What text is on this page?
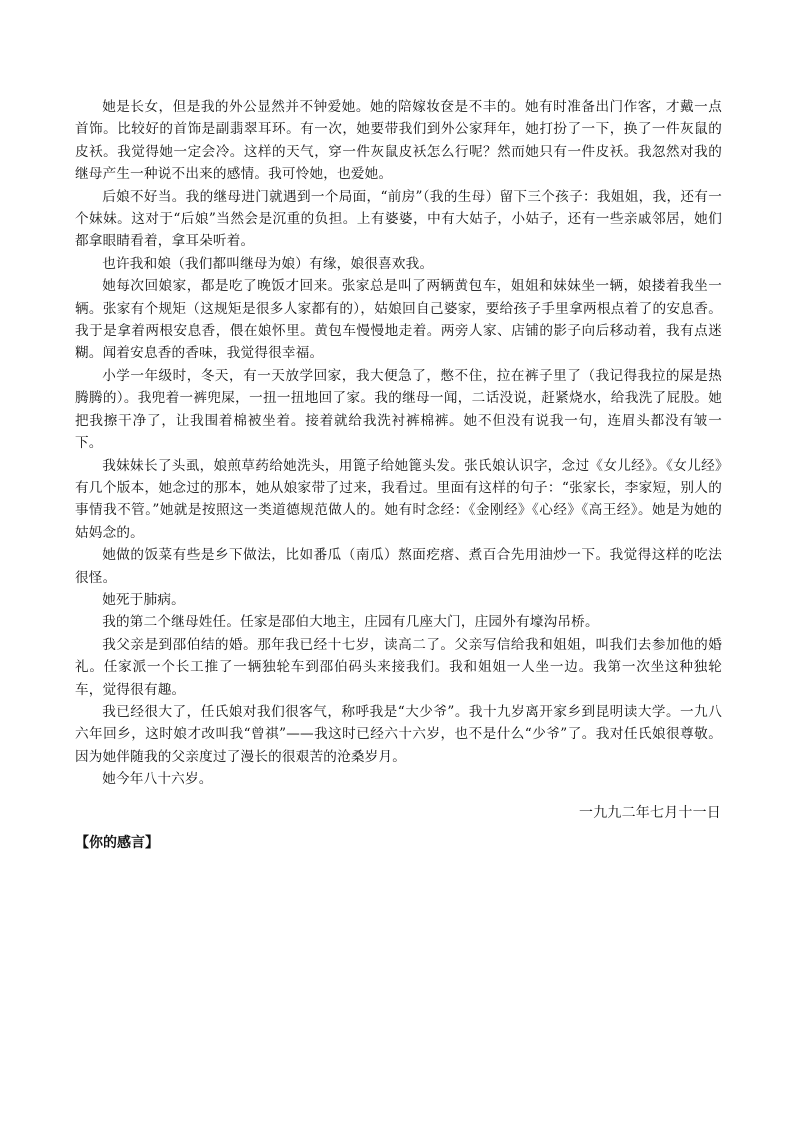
她是长女，但是我的外公显然并不钟爱她。她的陪嫁妆奁是不丰的。她有时准备出门作客，才戴一点首饰。比较好的首饰是副翡翠耳环。有一次，她要带我们到外公家拜年，她打扮了一下，换了一件灰鼠的皮袄。我觉得她一定会冷。这样的天气，穿一件灰鼠皮袄怎么行呢？然而她只有一件皮袄。我忽然对我的继母产生一种说不出来的感情。我可怜她，也爱她。

后娘不好当。我的继母进门就遇到一个局面，“前房”（我的生母）留下三个孩子：我姐姐，我，还有一个妹妹。这对于“后娘”当然会是沉重的负担。上有婆婆，中有大姑子，小姑子，还有一些亲戚邻居，她们都拿眼睛看着，拿耳朵听着。

也许我和娘（我们都叫继母为娘）有缘，娘很喜欢我。

她每次回娘家，都是吃了晚饭才回来。张家总是叫了两辆黄包车，姐姐和妹妹坐一辆，娘搂着我坐一辆。张家有个规矩（这规矩是很多人家都有的），姑娘回自己婆家，要给孩子手里拿两根点着了的安息香。我于是拿着两根安息香，偎在娘怀里。黄包车慢慢地走着。两旁人家、店铺的影子向后移动着，我有点迷糊。闻着安息香的香味，我觉得很幸福。

小学一年级时，冬天，有一天放学回家，我大便急了，憋不住，拉在裤子里了（我记得我拉的屎是热腾腾的）。我兜着一裤兜屎，一扭一扭地回了家。我的继母一闻，二话没说，赶紧烧水，给我洗了屁股。她把我擦干净了，让我围着棉被坐着。接着就给我洗衬裤棉裤。她不但没有说我一句，连眉头都没有皱一下。

我妹妹长了头虱，娘煎草药给她洗头，用篦子给她篦头发。张氏娘认识字，念过《女儿经》。《女儿经》有几个版本，她念过的那本，她从娘家带了过来，我看过。里面有这样的句子：“张家长，李家短，别人的事情我不管。”她就是按照这一类道德规范做人的。她有时念经：《金刚经》《心经》《高王经》。她是为她的姑妈念的。

她做的饭菜有些是乡下做法，比如番瓜（南瓜）熬面疙瘩、煮百合先用油炒一下。我觉得这样的吃法很怪。

她死于肺病。

我的第二个继母姓任。任家是邵伯大地主，庄园有几座大门，庄园外有壕沟吊桥。

我父亲是到邵伯结的婚。那年我已经十七岁，读高二了。父亲写信给我和姐姐，叫我们去参加他的婚礼。任家派一个长工推了一辆独轮车到邵伯码头来接我们。我和姐姐一人坐一边。我第一次坐这种独轮车，觉得很有趣。

我已经很大了，任氏娘对我们很客气，称呼我是“大少爷”。我十九岁离开家乡到昆明读大学。一九八六年回乡，这时娘才改叫我“曾祺”——我这时已经六十六岁，也不是什么“少爷”了。我对任氏娘很尊敬。因为她伴随我的父亲度过了漫长的很艰苦的沧桑岁月。

她今年八十六岁。

一九九二年七月十一日
【你的感言】
